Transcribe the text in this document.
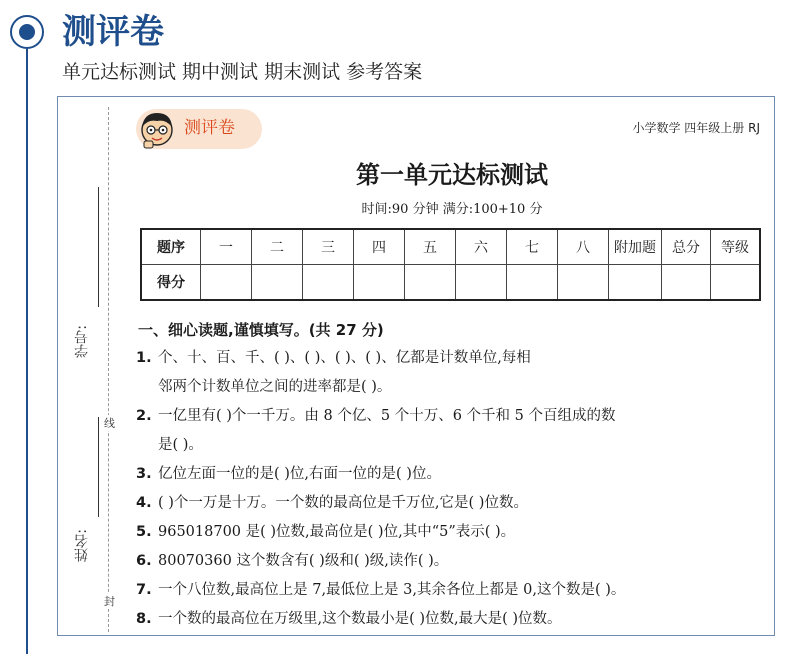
测评卷
单元达标测试 期中测试 期末测试 参考答案
学号:
线
姓名:
封
测评卷	小学数学 四年级上册 RJ
第一单元达标测试
时间:90 分钟 满分:100+10 分
题序	一	二	三	四	五	六	七	八	附加题	总分	等级
得分											
一、细心读题,谨慎填写。(共 27 分)
1. 个、十、百、千、( )、( )、( )、( )、亿都是计数单位,每相
邻两个计数单位之间的进率都是( )。
2. 一亿里有( )个一千万。由 8 个亿、5 个十万、6 个千和 5 个百组成的数
是( )。
3. 亿位左面一位的是( )位,右面一位的是( )位。
4. ( )个一万是十万。一个数的最高位是千万位,它是( )位数。
5. 965018700 是( )位数,最高位是( )位,其中“5”表示( )。
6. 80070360 这个数含有( )级和( )级,读作( )。
7. 一个八位数,最高位上是 7,最低位上是 3,其余各位上都是 0,这个数是( )。
8. 一个数的最高位在万级里,这个数最小是( )位数,最大是( )位数。
